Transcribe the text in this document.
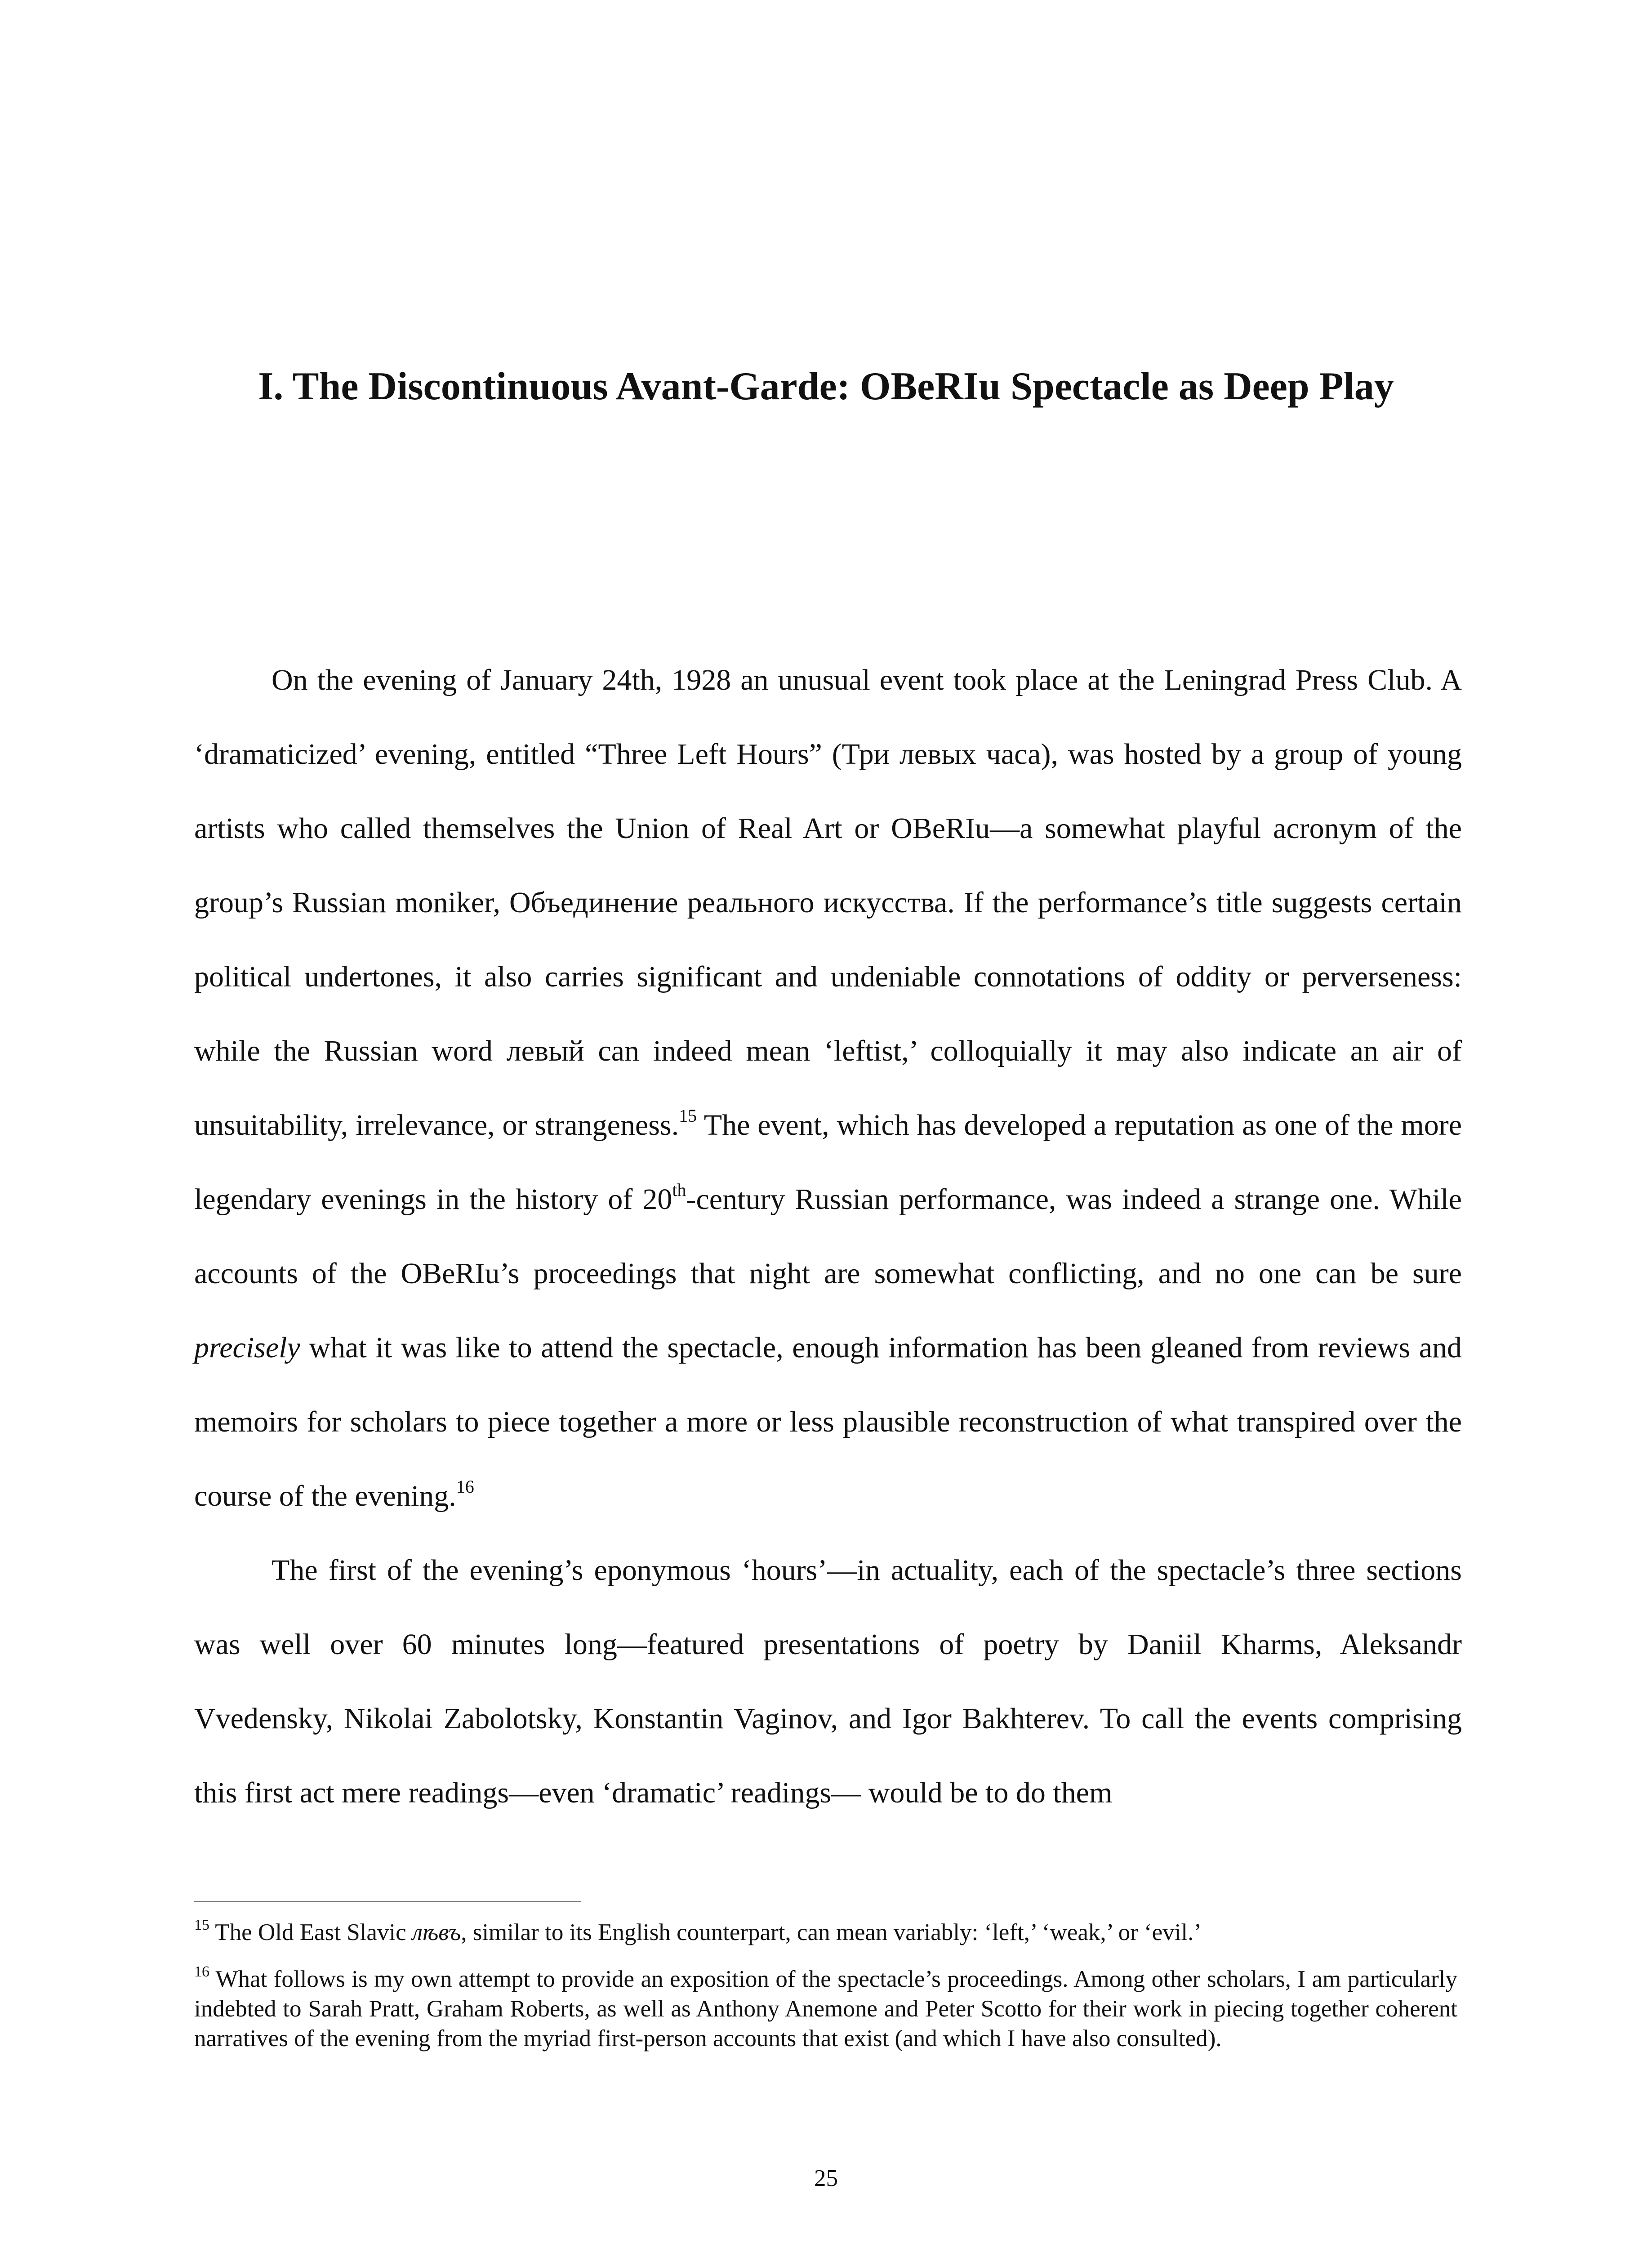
I. The Discontinuous Avant-Garde: OBeRIu Spectacle as Deep Play

On the evening of January 24th, 1928 an unusual event took place at the Leningrad Press Club. A ‘dramaticized’ evening, entitled “Three Left Hours” (Три левых часа), was hosted by a group of young artists who called themselves the Union of Real Art or OBeRIu—a somewhat playful acronym of the group’s Russian moniker, Объединение реального искусства. If the performance’s title suggests certain political undertones, it also carries significant and undeniable connotations of oddity or perverseness: while the Russian word левый can indeed mean ‘leftist,’ colloquially it may also indicate an air of unsuitability, irrelevance, or strangeness.$^{15}$ The event, which has developed a reputation as one of the more legendary evenings in the history of 20th-century Russian performance, was indeed a strange one. While accounts of the OBeRIu’s proceedings that night are somewhat conflicting, and no one can be sure precisely what it was like to attend the spectacle, enough information has been gleaned from reviews and memoirs for scholars to piece together a more or less plausible reconstruction of what transpired over the course of the evening.$^{16}$

The first of the evening’s eponymous ‘hours’—in actuality, each of the spectacle’s three sections was well over 60 minutes long—featured presentations of poetry by Daniil Kharms, Aleksandr Vvedensky, Nikolai Zabolotsky, Konstantin Vaginov, and Igor Bakhterev. To call the events comprising this first act mere readings—even ‘dramatic’ readings— would be to do them

$^{15}$ The Old East Slavic лѣвъ, similar to its English counterpart, can mean variably: ‘left,’ ‘weak,’ or ‘evil.’

$^{16}$ What follows is my own attempt to provide an exposition of the spectacle’s proceedings. Among other scholars, I am particularly indebted to Sarah Pratt, Graham Roberts, as well as Anthony Anemone and Peter Scotto for their work in piecing together coherent narratives of the evening from the myriad first-person accounts that exist (and which I have also consulted).

25
